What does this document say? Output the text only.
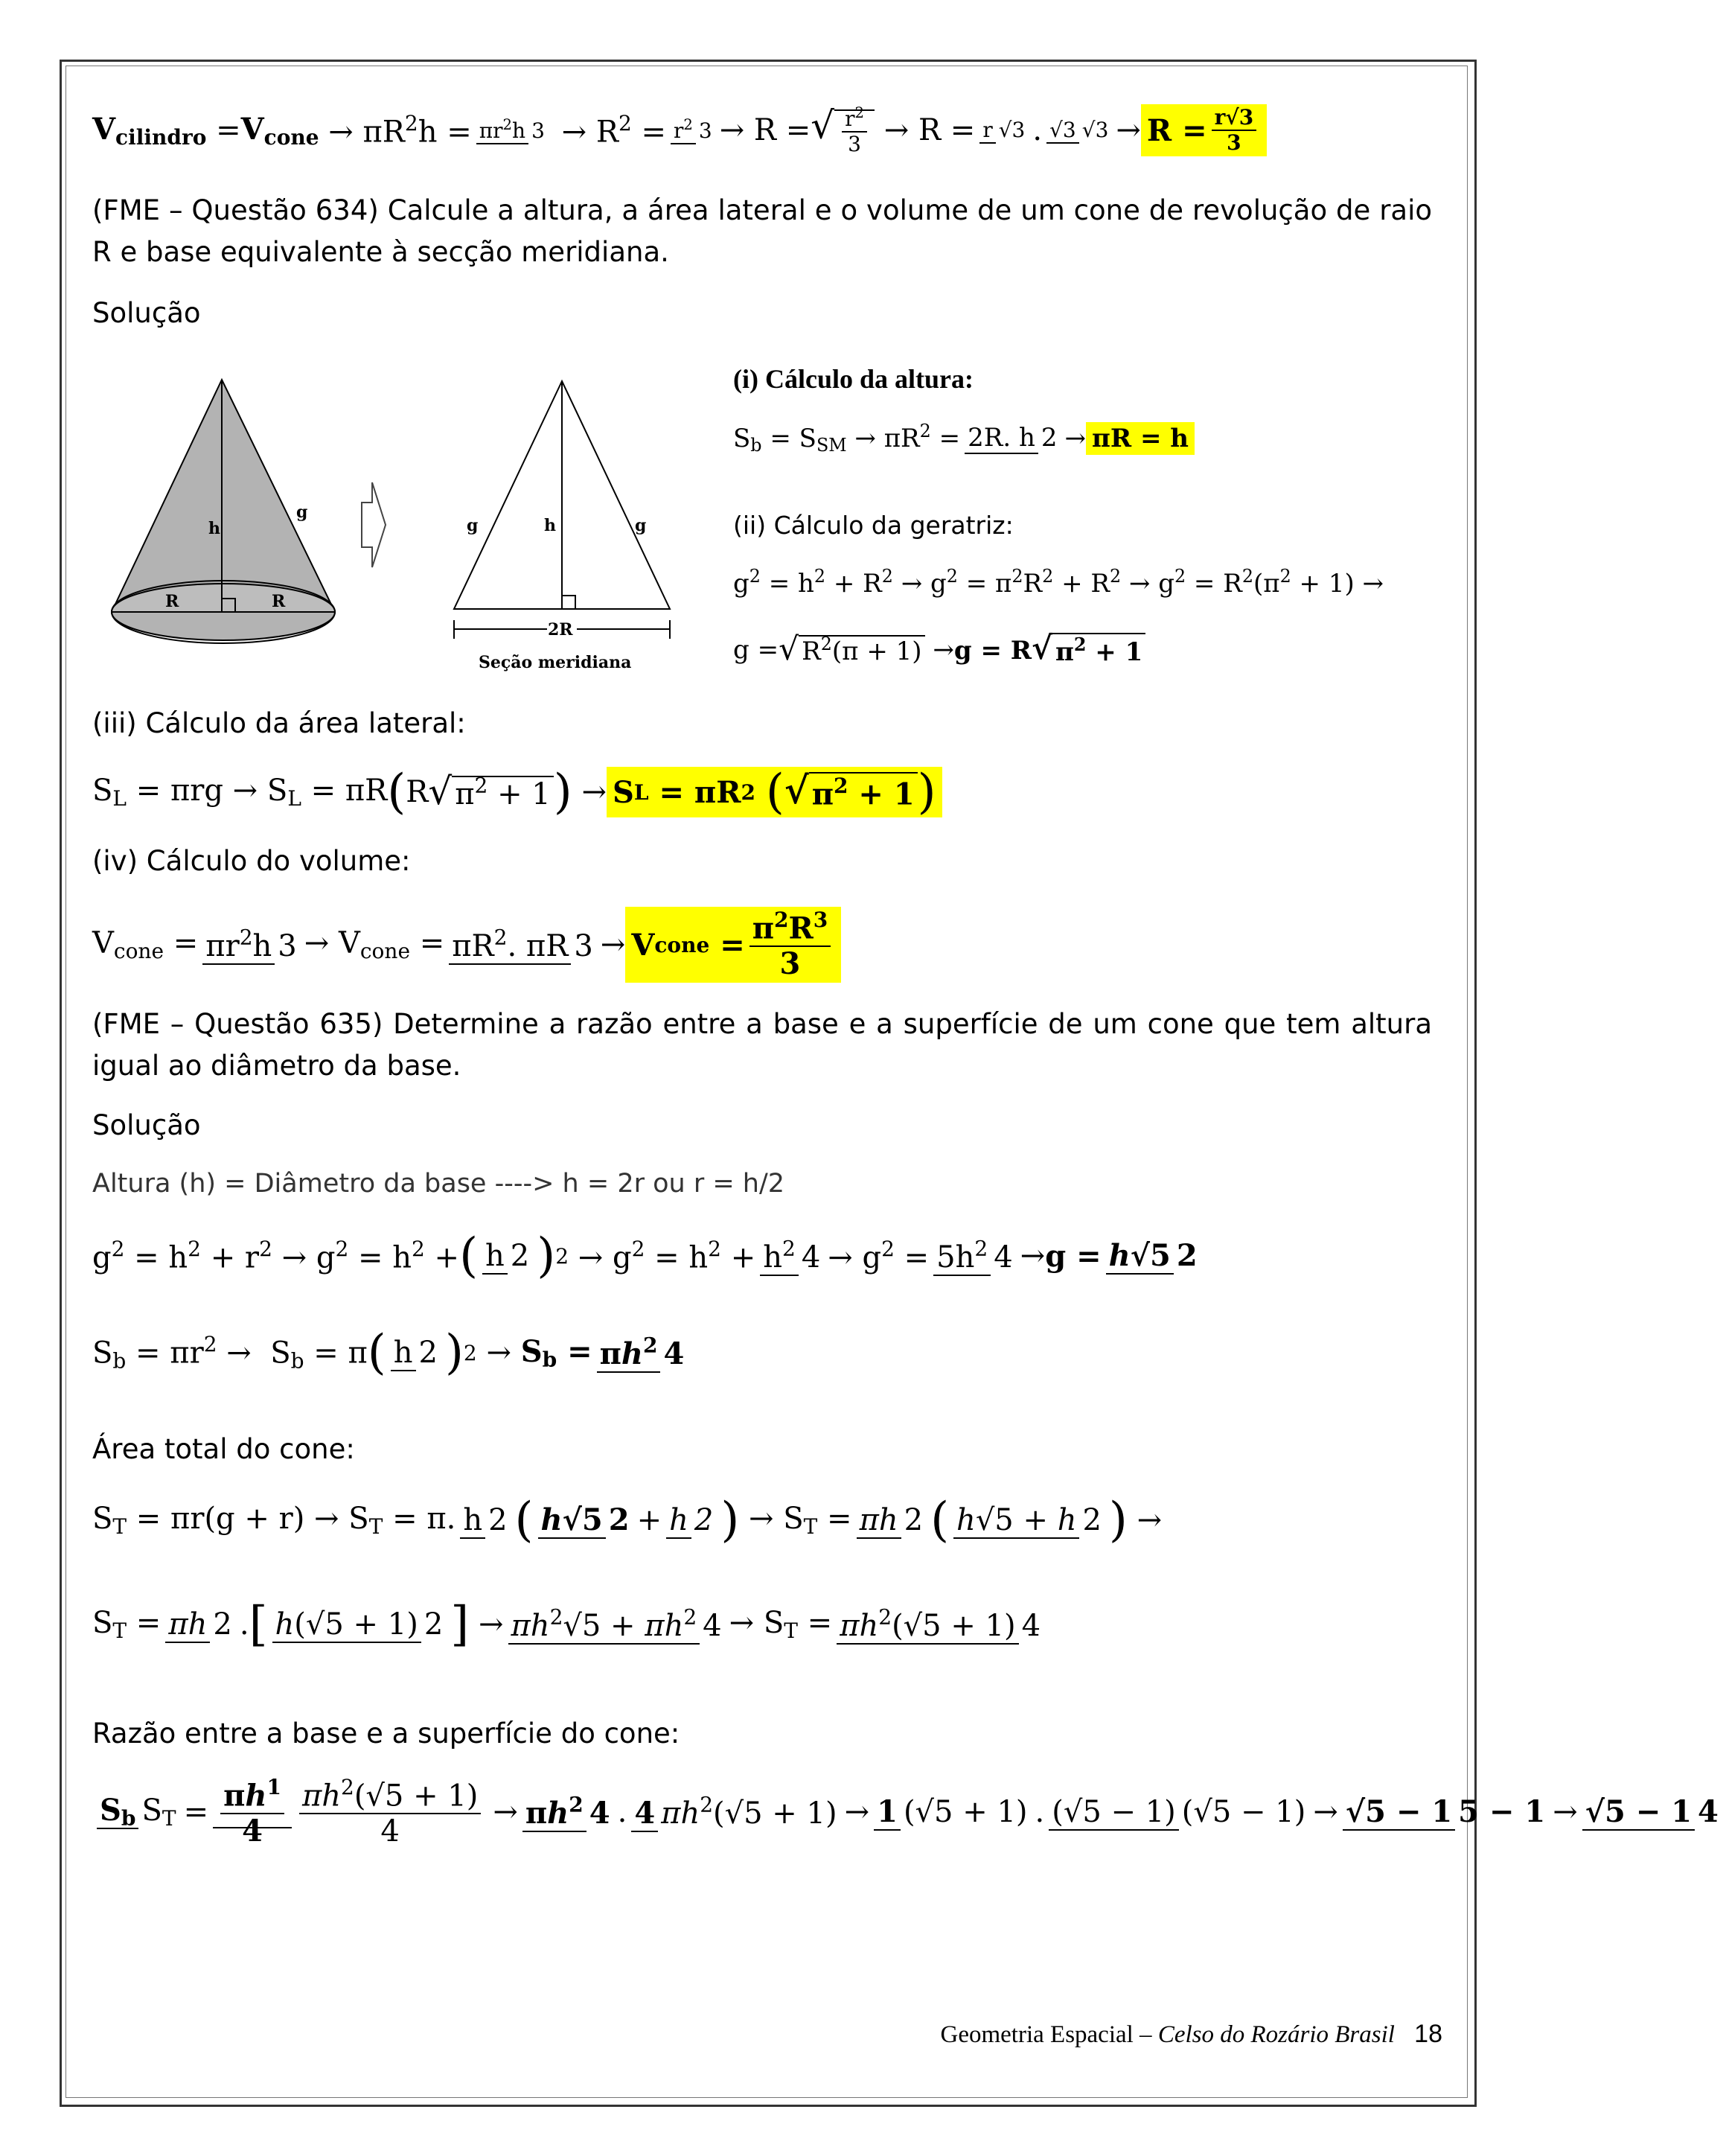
$V_{cilindro} = V_{cone} \to \pi R^2h = \pi r^2h$ $3 \to R^2 = r^2$ 3 → R = √ $\frac{r^2}{3} \to R = r$ √3 . √3 √3 → R = r√3
3
(FME – Questão 634) Calcule a altura, a área lateral e o volume de um cone de revolução de raio R e base equivalente à secção meridiana.
Solução
h
g
R	R
g	h	g
2R
Seção meridiana
(i) Cálculo da altura:
$S_b = S_{SM} \to \pi R^2 = 2R$. h 2 → πR = h
(ii) Cálculo da geratriz:
$g^2 = h^2 + R^2 \to g^2 = \pi^2R^2 + R^2 \to g^2 = R^2(\pi^2 + 1)$ →
g = √ $R^2(\pi + 1) \to g = R$ √ $\pi^2 + 1$
(iii) Cálculo da área lateral:
$S_L = \pi rg \to S_L = \pi R$ ( R √ $\pi^2 + 1$ ) → S L = πR 2
( √ $\pi^2 + 1$ )
(iv) Cálculo do volume:
$V_{cone} = \pi r^2h$ $3 \to V_{cone} = \pi R^2$. πR 3 → V cone = $\pi^2R^3$
3
(FME – Questão 635) Determine a razão entre a base e a superfície de um cone que tem altura igual ao diâmetro da base.
Solução
Altura (h) = Diâmetro da base ----> h = 2r ou r = h/2
$g^2 = h^2 + r^2 \to g^2 = h^2$ + ( h 2 ) $2 \to g^2 = h^2 + h^2$ $4 \to g^2 = 5h^2$ 4 → g = h√5 2
$S_b = \pi r^2 \to S_b = \pi$ ( h 2 ) $2 \to S_b = \pi h^2$ 4
Área total do cone:
$S_T = \pi r(g + r) \to S_T = \pi$. h 2 ( h√5 2 + h 2 ) → $S_T = \pi h$ 2 ( h√5 + h 2 ) →
$S_T = \pi h$ 2 . [ h(√5 + 1) 2 ] → $\pi h^2√5 + \pi h^2$ $4 \to S_T = \pi h^2(√5 + 1)$ 4
Razão entre a base e a superfície do cone:
$S_b$ $S_T = \frac{\pi h^1}{4} \frac{\pi h^2(√5 + 1)}{4} \to \pi h^2$ 4 . 4 $\pi h^2(√5 + 1) \to 1$ (√5 + 1) . (√5 − 1) (√5 − 1) → √5 − 1 5 − 1 → √5 − 1 4
Geometria Espacial – Celso do Rozário Brasil 18
